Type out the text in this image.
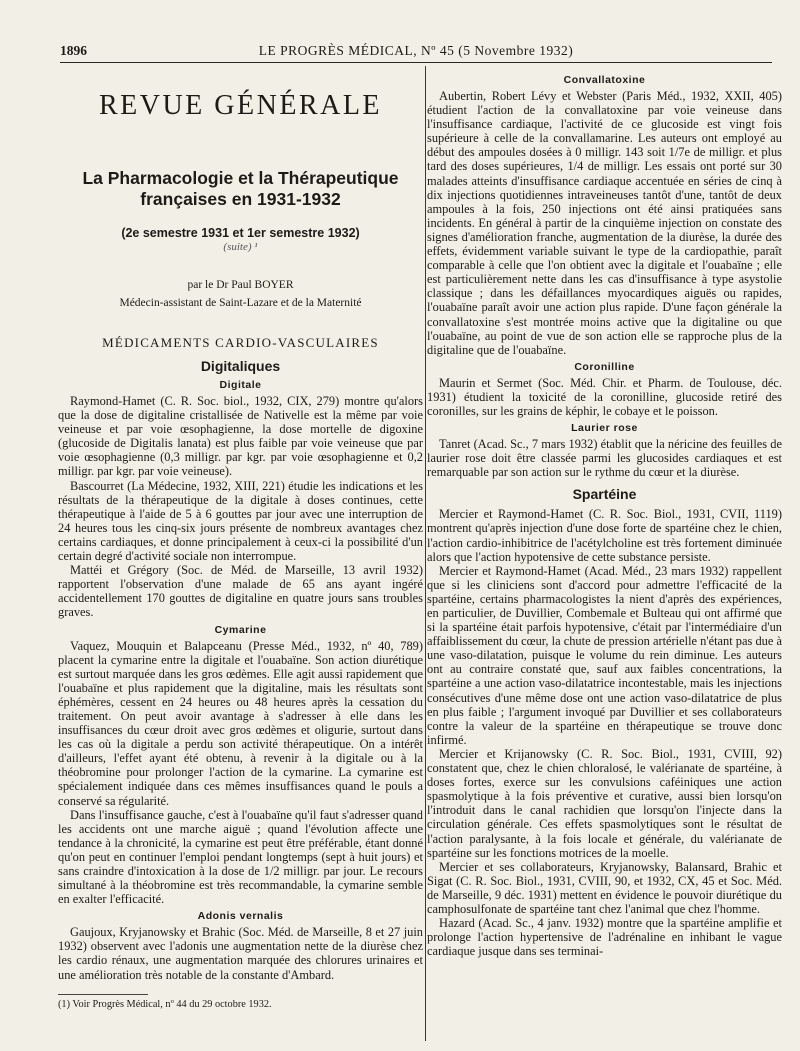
1896	LE PROGRÈS MÉDICAL, Nº 45 (5 Novembre 1932)
REVUE GÉNÉRALE
La Pharmacologie et la Thérapeutique
françaises en 1931-1932
(2e semestre 1931 et 1er semestre 1932)
(suite) ¹
par le Dr Paul BOYER
Médecin-assistant de Saint-Lazare et de la Maternité
MÉDICAMENTS CARDIO-VASCULAIRES
Digitaliques
Digitale

Raymond-Hamet (C. R. Soc. biol., 1932, CIX, 279) montre qu'alors que la dose de digitaline cristallisée de Nativelle est la même par voie veineuse et par voie œsophagienne, la dose mortelle de digoxine (glucoside de Digitalis lanata) est plus faible par voie veineuse que par voie œsophagienne (0,3 milligr. par kgr. par voie œsophagienne et 0,2 milligr. par kgr. par voie veineuse).

Bascourret (La Médecine, 1932, XIII, 221) étudie les indications et les résultats de la thérapeutique de la digitale à doses continues, cette thérapeutique à l'aide de 5 à 6 gouttes par jour avec une interruption de 24 heures tous les cinq-six jours présente de nombreux avantages chez certains cardiaques, et donne principalement à ceux-ci la possibilité d'un certain degré d'activité sociale non interrompue.

Mattéi et Grégory (Soc. de Méd. de Marseille, 13 avril 1932) rapportent l'observation d'une malade de 65 ans ayant ingéré accidentellement 170 gouttes de digitaline en quatre jours sans troubles graves.

Cymarine

Vaquez, Mouquin et Balapceanu (Presse Méd., 1932, nº 40, 789) placent la cymarine entre la digitale et l'ouabaïne. Son action diurétique est surtout marquée dans les gros œdèmes. Elle agit aussi rapidement que l'ouabaïne et plus rapidement que la digitaline, mais les résultats sont éphémères, cessent en 24 heures ou 48 heures après la cessation du traitement. On peut avoir avantage à s'adresser à elle dans les insuffisances du cœur droit avec gros œdèmes et oligurie, surtout dans les cas où la digitale a perdu son activité thérapeutique. On a intérêt d'ailleurs, l'effet ayant été obtenu, à revenir à la digitale ou à la théobromine pour prolonger l'action de la cymarine. La cymarine est spécialement indiquée dans ces mêmes insuffisances quand le pouls a conservé sa régularité.

Dans l'insuffisance gauche, c'est à l'ouabaïne qu'il faut s'adresser quand les accidents ont une marche aiguë ; quand l'évolution affecte une tendance à la chronicité, la cymarine est peut être préférable, étant donné qu'on peut en continuer l'emploi pendant longtemps (sept à huit jours) et sans craindre d'intoxication à la dose de 1/2 milligr. par jour. Le recours simultané à la théobromine est très recommandable, la cymarine semble en exalter l'efficacité.

Adonis vernalis

Gaujoux, Kryjanowsky et Brahic (Soc. Méd. de Marseille, 8 et 27 juin 1932) observent avec l'adonis une augmentation nette de la diurèse chez les cardio rénaux, une augmentation marquée des chlorures urinaires et une amélioration très notable de la constante d'Ambard.

(1) Voir Progrès Médical, nº 44 du 29 octobre 1932.
Convallatoxine

Aubertin, Robert Lévy et Webster (Paris Méd., 1932, XXII, 405) étudient l'action de la convallatoxine par voie veineuse dans l'insuffisance cardiaque, l'activité de ce glucoside est vingt fois supérieure à celle de la convallamarine. Les auteurs ont employé au début des ampoules dosées à 0 milligr. 143 soit 1/7e de milligr. et plus tard des doses supérieures, 1/4 de milligr. Les essais ont porté sur 30 malades atteints d'insuffisance cardiaque accentuée en séries de cinq à dix injections quotidiennes intraveineuses tantôt d'une, tantôt de deux ampoules à la fois, 250 injections ont été ainsi pratiquées sans incidents. En général à partir de la cinquième injection on constate des signes d'amélioration franche, augmentation de la diurèse, la durée des effets, évidemment variable suivant le type de la cardiopathie, paraît comparable à celle que l'on obtient avec la digitale et l'ouabaïne ; elle est particulièrement nette dans les cas d'insuffisance à type asystolie classique ; dans les défaillances myocardiques aiguës ou rapides, l'ouabaïne paraît avoir une action plus rapide. D'une façon générale la convallatoxine s'est montrée moins active que la digitaline ou que l'ouabaïne, au point de vue de son action elle se rapproche plus de la digitaline que de l'ouabaïne.

Coronilline

Maurin et Sermet (Soc. Méd. Chir. et Pharm. de Toulouse, déc. 1931) étudient la toxicité de la coronilline, glucoside retiré des coronilles, sur les grains de képhir, le cobaye et le poisson.

Laurier rose

Tanret (Acad. Sc., 7 mars 1932) établit que la néricine des feuilles de laurier rose doit être classée parmi les glucosides cardiaques et est remarquable par son action sur le rythme du cœur et la diurèse.

Spartéine

Mercier et Raymond-Hamet (C. R. Soc. Biol., 1931, CVII, 1119) montrent qu'après injection d'une dose forte de spartéine chez le chien, l'action cardio-inhibitrice de l'acétylcholine est très fortement diminuée alors que l'action hypotensive de cette substance persiste.

Mercier et Raymond-Hamet (Acad. Méd., 23 mars 1932) rappellent que si les cliniciens sont d'accord pour admettre l'efficacité de la spartéine, certains pharmacologistes la nient d'après des expériences, en particulier, de Duvillier, Combemale et Bulteau qui ont affirmé que si la spartéine était parfois hypotensive, c'était par l'intermédiaire d'un affaiblissement du cœur, la chute de pression artérielle n'étant pas due à une vaso-dilatation, puisque le volume du rein diminue. Les auteurs ont au contraire constaté que, sauf aux faibles concentrations, la spartéine a une action vaso-dilatatrice incontestable, mais les injections consécutives d'une même dose ont une action vaso-dilatatrice de plus en plus faible ; l'argument invoqué par Duvillier et ses collaborateurs contre la valeur de la spartéine en thérapeutique se trouve donc infirmé.

Mercier et Krijanowsky (C. R. Soc. Biol., 1931, CVIII, 92) constatent que, chez le chien chloralosé, le valérianate de spartéine, à doses fortes, exerce sur les convulsions caféiniques une action spasmolytique à la fois préventive et curative, aussi bien lorsqu'on l'introduit dans le canal rachidien que lorsqu'on l'injecte dans la circulation générale. Ces effets spasmolytiques sont le résultat de l'action paralysante, à la fois locale et générale, du valérianate de spartéine sur les fonctions motrices de la moelle.

Mercier et ses collaborateurs, Kryjanowsky, Balansard, Brahic et Sigat (C. R. Soc. Biol., 1931, CVIII, 90, et 1932, CX, 45 et Soc. Méd. de Marseille, 9 déc. 1931) mettent en évidence le pouvoir diurétique du camphosulfonate de spartéine tant chez l'animal que chez l'homme.

Hazard (Acad. Sc., 4 janv. 1932) montre que la spartéine amplifie et prolonge l'action hypertensive de l'adrénaline en inhibant le vague cardiaque jusque dans ses terminai-
